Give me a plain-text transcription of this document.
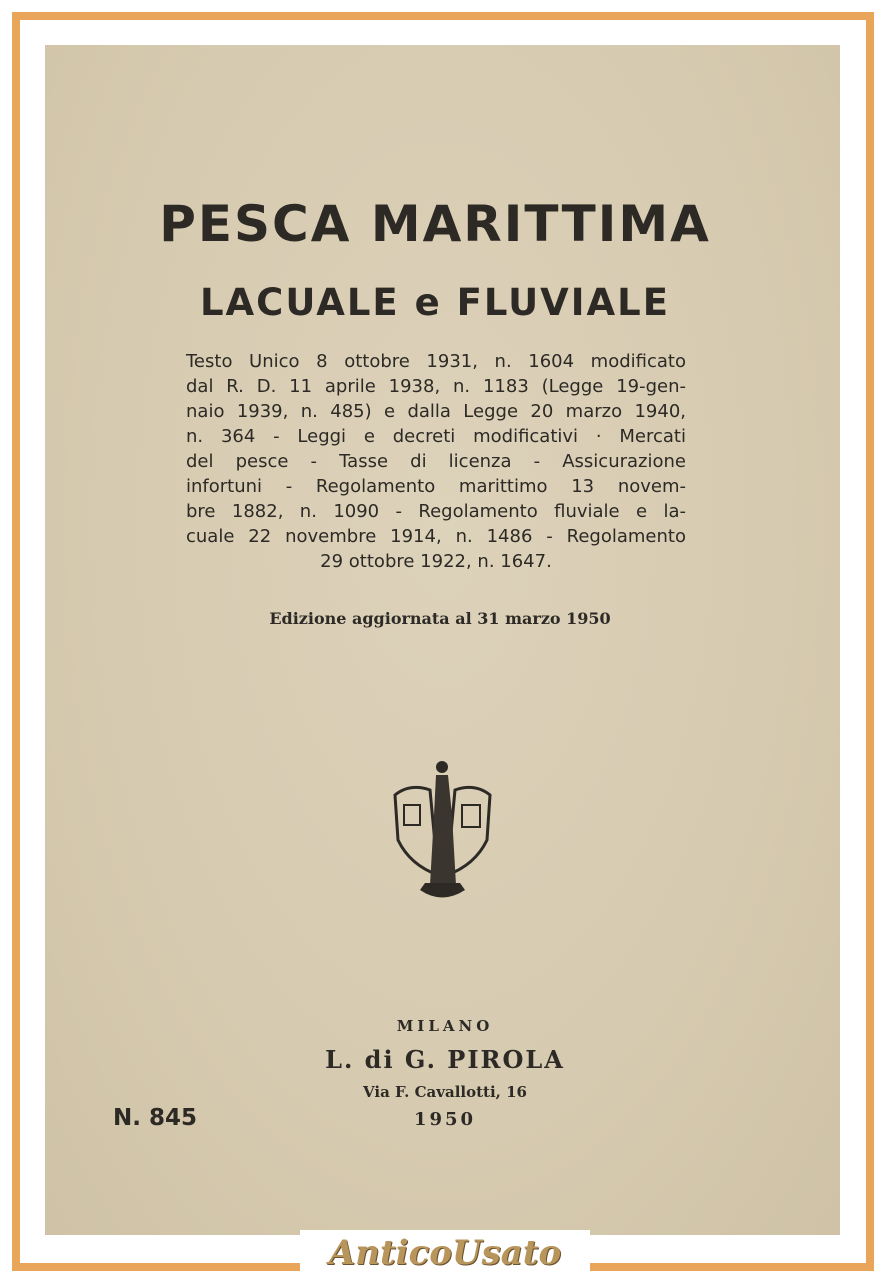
PESCA MARITTIMA
LACUALE e FLUVIALE
Testo Unico 8 ottobre 1931, n. 1604 modificato
dal R. D. 11 aprile 1938, n. 1183 (Legge 19-gen-
naio 1939, n. 485) e dalla Legge 20 marzo 1940,
n. 364 - Leggi e decreti modificativi · Mercati
del pesce - Tasse di licenza - Assicurazione
infortuni - Regolamento marittimo 13 novem-
bre 1882, n. 1090 - Regolamento fluviale e la-
cuale 22 novembre 1914, n. 1486 - Regolamento
29 ottobre 1922, n. 1647.
Edizione aggiornata al 31 marzo 1950
MILANO
L. di G. PIROLA
Via F. Cavallotti, 16
1950
N. 845
AnticoUsato
